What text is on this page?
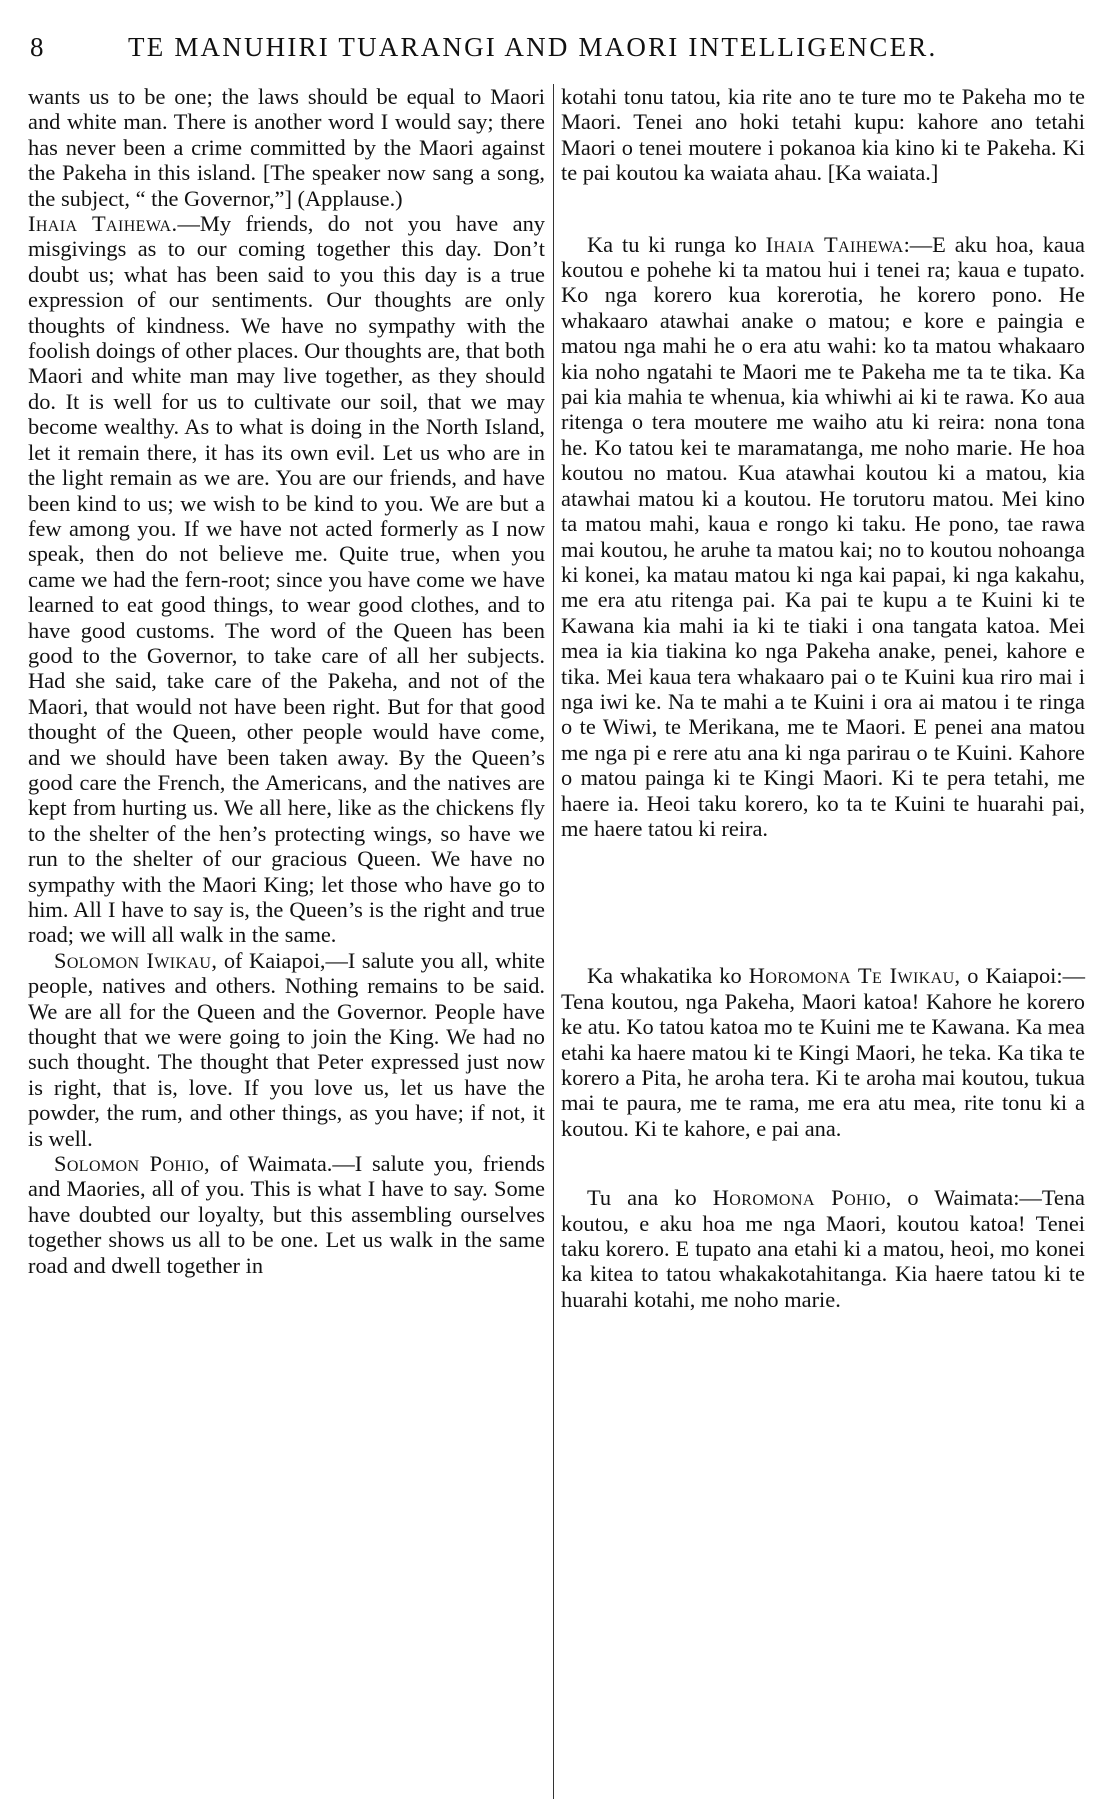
8	TE MANUHIRI TUARANGI AND MAORI INTELLIGENCER.

wants us to be one; the laws should be equal to Maori and white man. There is another word I would say; there has never been a crime committed by the Maori against the Pakeha in this island. [The speaker now sang a song, the subject, “ the Governor,”] (Applause.)

Ihaia Taihewa.—My friends, do not you have any misgivings as to our coming together this day. Don’t doubt us; what has been said to you this day is a true expression of our sentiments. Our thoughts are only thoughts of kindness. We have no sympathy with the foolish doings of other places. Our thoughts are, that both Maori and white man may live together, as they should do. It is well for us to cultivate our soil, that we may become wealthy. As to what is doing in the North Island, let it remain there, it has its own evil. Let us who are in the light remain as we are. You are our friends, and have been kind to us; we wish to be kind to you. We are but a few among you. If we have not acted formerly as I now speak, then do not believe me. Quite true, when you came we had the fern-root; since you have come we have learned to eat good things, to wear good clothes, and to have good customs. The word of the Queen has been good to the Governor, to take care of all her subjects. Had she said, take care of the Pakeha, and not of the Maori, that would not have been right. But for that good thought of the Queen, other people would have come, and we should have been taken away. By the Queen’s good care the French, the Americans, and the natives are kept from hurting us. We all here, like as the chickens fly to the shelter of the hen’s protecting wings, so have we run to the shelter of our gracious Queen. We have no sympathy with the Maori King; let those who have go to him. All I have to say is, the Queen’s is the right and true road; we will all walk in the same.

Solomon Iwikau, of Kaiapoi,—I salute you all, white people, natives and others. Nothing remains to be said. We are all for the Queen and the Governor. People have thought that we were going to join the King. We had no such thought. The thought that Peter expressed just now is right, that is, love. If you love us, let us have the powder, the rum, and other things, as you have; if not, it is well.

Solomon Pohio, of Waimata.—I salute you, friends and Maories, all of you. This is what I have to say. Some have doubted our loyalty, but this assembling ourselves together shows us all to be one. Let us walk in the same road and dwell together in

kotahi tonu tatou, kia rite ano te ture mo te Pakeha mo te Maori. Tenei ano hoki tetahi kupu: kahore ano tetahi Maori o tenei moutere i pokanoa kia kino ki te Pakeha. Ki te pai koutou ka waiata ahau. [Ka waiata.]

Ka tu ki runga ko Ihaia Taihewa:—E aku hoa, kaua koutou e pohehe ki ta matou hui i tenei ra; kaua e tupato. Ko nga korero kua korerotia, he korero pono. He whakaaro atawhai anake o matou; e kore e paingia e matou nga mahi he o era atu wahi: ko ta matou whakaaro kia noho ngatahi te Maori me te Pakeha me ta te tika. Ka pai kia mahia te whenua, kia whiwhi ai ki te rawa. Ko aua ritenga o tera moutere me waiho atu ki reira: nona tona he. Ko tatou kei te maramatanga, me noho marie. He hoa koutou no matou. Kua atawhai koutou ki a matou, kia atawhai matou ki a koutou. He torutoru matou. Mei kino ta matou mahi, kaua e rongo ki taku. He pono, tae rawa mai koutou, he aruhe ta matou kai; no to koutou nohoanga ki konei, ka matau matou ki nga kai papai, ki nga kakahu, me era atu ritenga pai. Ka pai te kupu a te Kuini ki te Kawana kia mahi ia ki te tiaki i ona tangata katoa. Mei mea ia kia tiakina ko nga Pakeha anake, penei, kahore e tika. Mei kaua tera whakaaro pai o te Kuini kua riro mai i nga iwi ke. Na te mahi a te Kuini i ora ai matou i te ringa o te Wiwi, te Merikana, me te Maori. E penei ana matou me nga pi e rere atu ana ki nga parirau o te Kuini. Kahore o matou painga ki te Kingi Maori. Ki te pera tetahi, me haere ia. Heoi taku korero, ko ta te Kuini te huarahi pai, me haere tatou ki reira.

Ka whakatika ko Horomona Te Iwikau, o Kaiapoi:—Tena koutou, nga Pakeha, Maori katoa! Kahore he korero ke atu. Ko tatou katoa mo te Kuini me te Kawana. Ka mea etahi ka haere matou ki te Kingi Maori, he teka. Ka tika te korero a Pita, he aroha tera. Ki te aroha mai koutou, tukua mai te paura, me te rama, me era atu mea, rite tonu ki a koutou. Ki te kahore, e pai ana.

Tu ana ko Horomona Pohio, o Waimata:—Tena koutou, e aku hoa me nga Maori, koutou katoa! Tenei taku korero. E tupato ana etahi ki a matou, heoi, mo konei ka kitea to tatou whakakotahitanga. Kia haere tatou ki te huarahi kotahi, me noho marie.
